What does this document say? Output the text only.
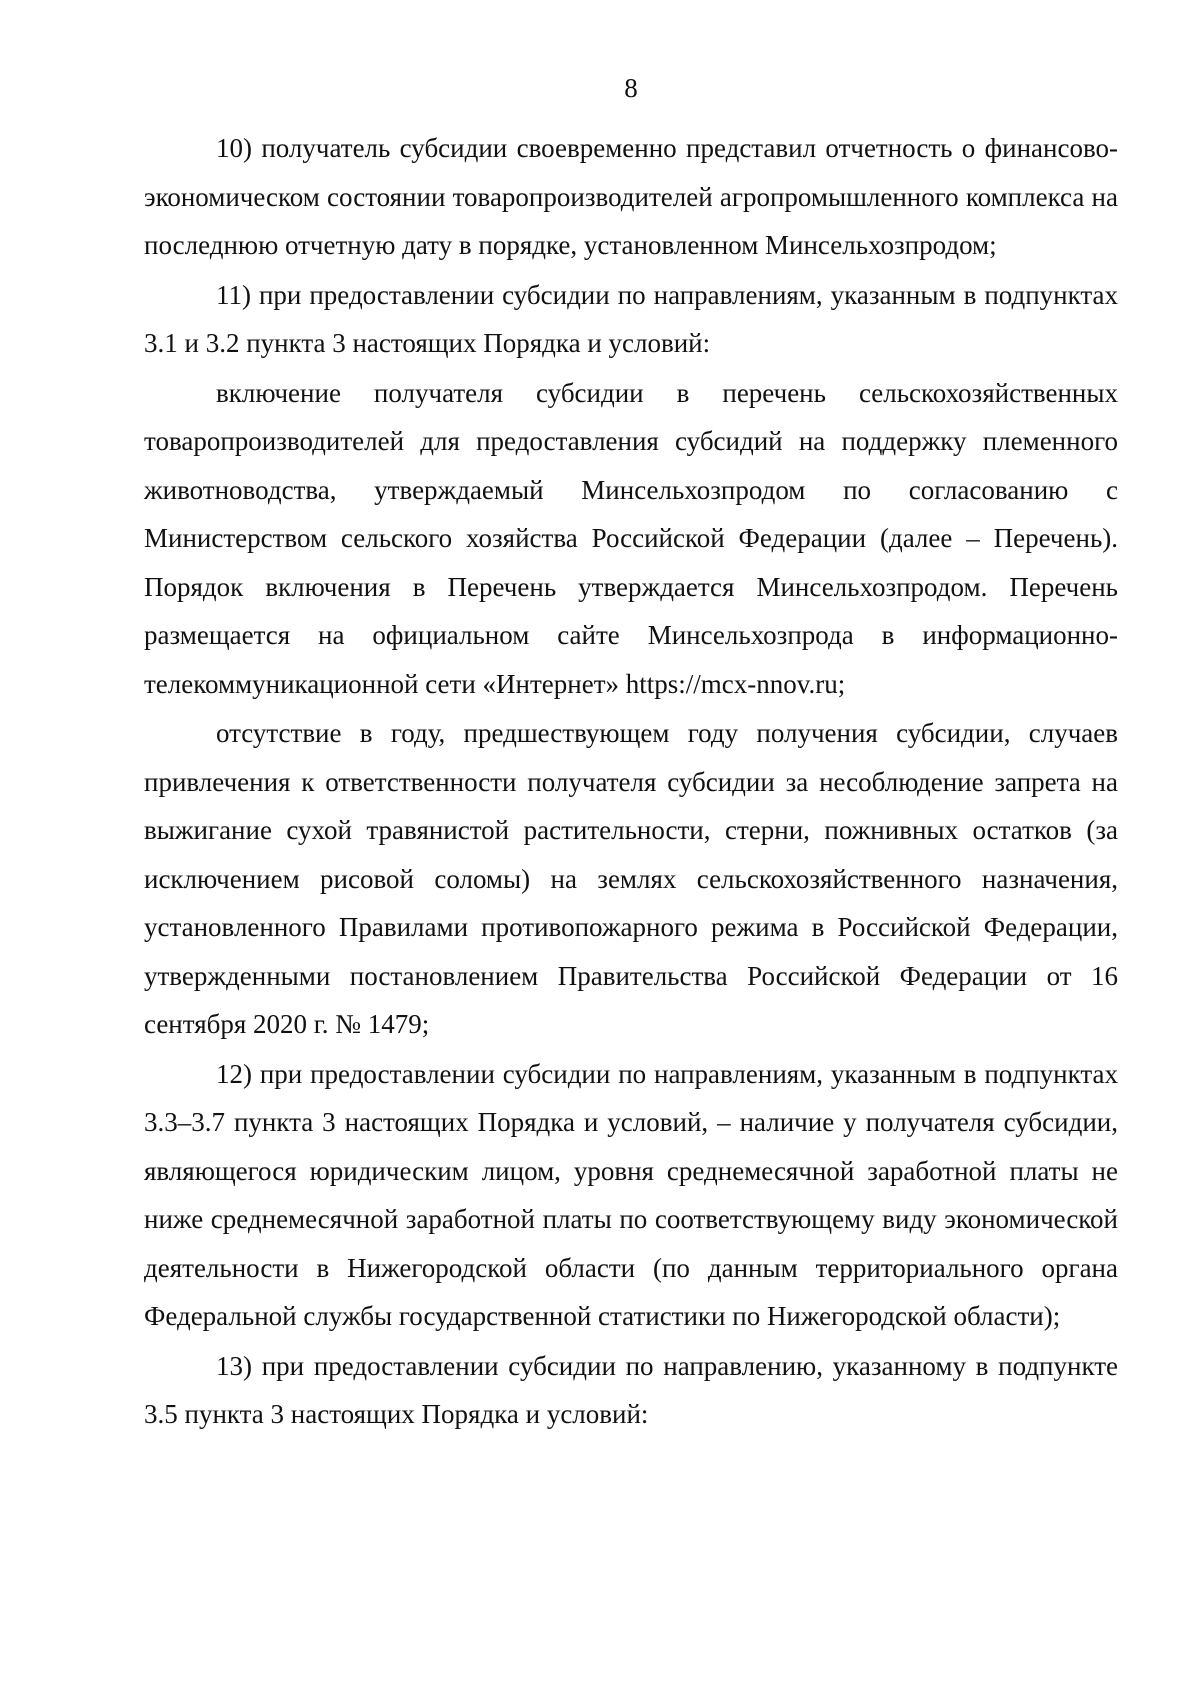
8

10) получатель субсидии своевременно представил отчетность о финансово-экономическом состоянии товаропроизводителей агропромышленного комплекса на последнюю отчетную дату в порядке, установленном Минсельхозпродом;

11) при предоставлении субсидии по направлениям, указанным в подпунктах 3.1 и 3.2 пункта 3 настоящих Порядка и условий:

включение получателя субсидии в перечень сельскохозяйственных товаропроизводителей для предоставления субсидий на поддержку племенного животноводства, утверждаемый Минсельхозпродом по согласованию с Министерством сельского хозяйства Российской Федерации (далее – Перечень). Порядок включения в Перечень утверждается Минсельхозпродом. Перечень размещается на официальном сайте Минсельхозпрода в информационно-телекоммуникационной сети «Интернет» https://mcx-nnov.ru;

отсутствие в году, предшествующем году получения субсидии, случаев привлечения к ответственности получателя субсидии за несоблюдение запрета на выжигание сухой травянистой растительности, стерни, пожнивных остатков (за исключением рисовой соломы) на землях сельскохозяйственного назначения, установленного Правилами противопожарного режима в Российской Федерации, утвержденными постановлением Правительства Российской Федерации от 16 сентября 2020 г. № 1479;

12) при предоставлении субсидии по направлениям, указанным в подпунктах 3.3–3.7 пункта 3 настоящих Порядка и условий, – наличие у получателя субсидии, являющегося юридическим лицом, уровня среднемесячной заработной платы не ниже среднемесячной заработной платы по соответствующему виду экономической деятельности в Нижегородской области (по данным территориального органа Федеральной службы государственной статистики по Нижегородской области);

13) при предоставлении субсидии по направлению, указанному в подпункте 3.5 пункта 3 настоящих Порядка и условий:
